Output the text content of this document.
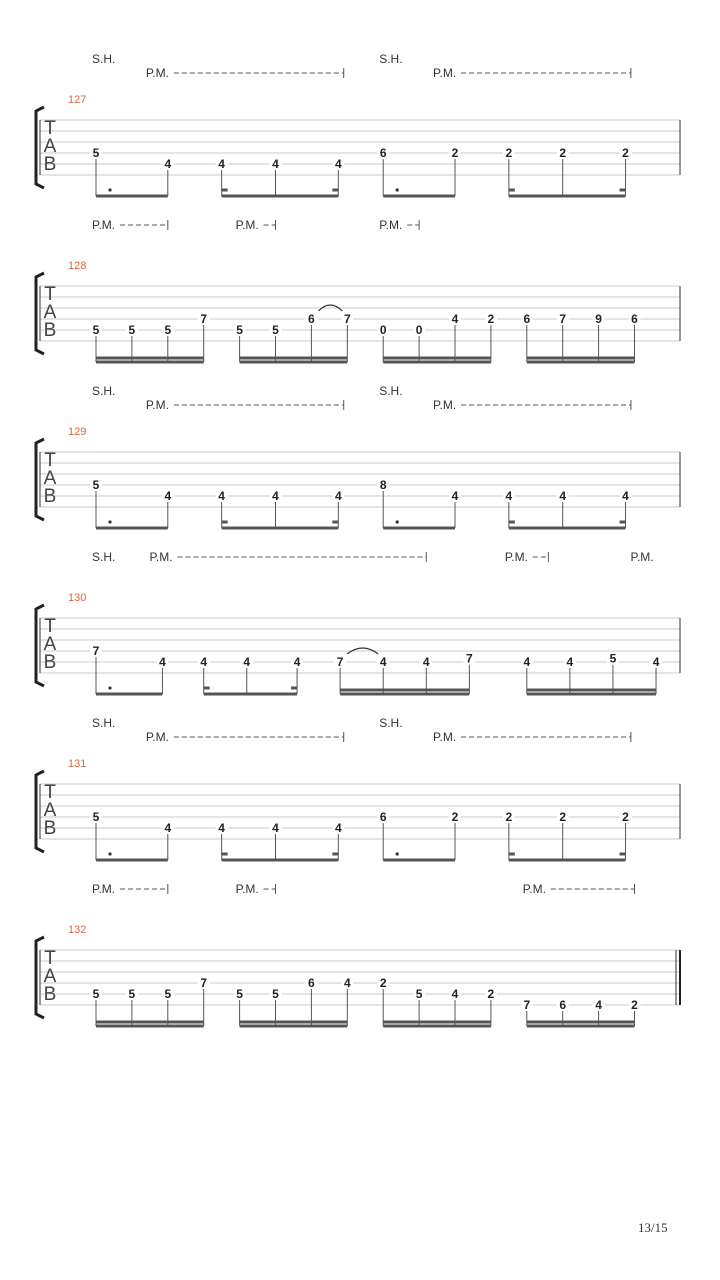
T
A
B
127
S.H.
P.M.
S.H.
P.M.
5
4	4	4	4
6	2	2	2	2
T
A
B
128
P.M.	P.M.	P.M.
5 5 5
7
5 5
6 7
0 0
4 2 6 7 9 6
T
A
B
129
S.H.
P.M.
S.H.
P.M.
5
4	4	4	4
8
4	4	4	4
T
A
B
130
S.H.	P.M.	P.M.	P.M.
7
4	4	4	4	7	4	4	7	4	4	5	4
T
A
B
131
S.H.
P.M.
S.H.
P.M.
5
4	4	4	4
6	2	2	2	2
T
A
B
132
P.M.	P.M.	P.M.
5 5 5
7
5 5
6 4 2
5 4 2
7 6 4 2
13/15
